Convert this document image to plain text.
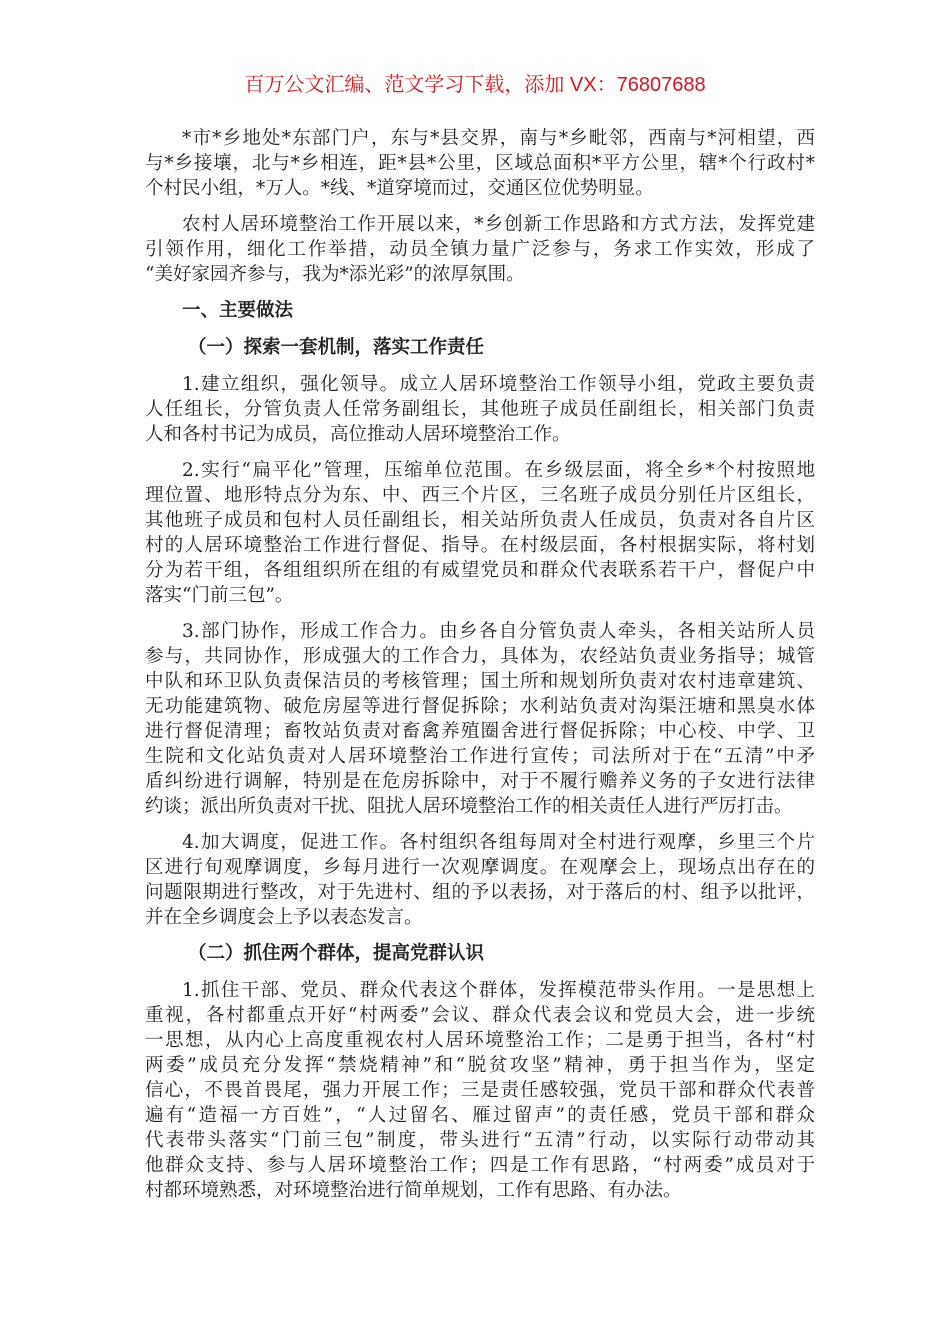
百万公文汇编、范文学习下载，添加 VX：76807688
*市*乡地处*东部门户，东与*县交界，南与*乡毗邻，西南与*河相望，西
与*乡接壤，北与*乡相连，距*县*公里，区域总面积*平方公里，辖*个行政村*
个村民小组，*万人。*线、*道穿境而过，交通区位优势明显。
农村人居环境整治工作开展以来，*乡创新工作思路和方式方法，发挥党建
引领作用，细化工作举措，动员全镇力量广泛参与，务求工作实效，形成了
“美好家园齐参与，我为*添光彩”的浓厚氛围。
一、主要做法
（一）探索一套机制，落实工作责任
1.建立组织，强化领导。成立人居环境整治工作领导小组，党政主要负责
人任组长，分管负责人任常务副组长，其他班子成员任副组长，相关部门负责
人和各村书记为成员，高位推动人居环境整治工作。
2.实行“扁平化”管理，压缩单位范围。在乡级层面，将全乡*个村按照地
理位置、地形特点分为东、中、西三个片区，三名班子成员分别任片区组长，
其他班子成员和包村人员任副组长，相关站所负责人任成员，负责对各自片区
村的人居环境整治工作进行督促、指导。在村级层面，各村根据实际，将村划
分为若干组，各组组织所在组的有威望党员和群众代表联系若干户，督促户中
落实“门前三包”。
3.部门协作，形成工作合力。由乡各自分管负责人牵头，各相关站所人员
参与，共同协作，形成强大的工作合力，具体为，农经站负责业务指导；城管
中队和环卫队负责保洁员的考核管理；国土所和规划所负责对农村违章建筑、
无功能建筑物、破危房屋等进行督促拆除；水利站负责对沟渠汪塘和黑臭水体
进行督促清理；畜牧站负责对畜禽养殖圈舍进行督促拆除；中心校、中学、卫
生院和文化站负责对人居环境整治工作进行宣传；司法所对于在“五清”中矛
盾纠纷进行调解，特别是在危房拆除中，对于不履行赡养义务的子女进行法律
约谈；派出所负责对干扰、阻扰人居环境整治工作的相关责任人进行严厉打击。
4.加大调度，促进工作。各村组织各组每周对全村进行观摩，乡里三个片
区进行旬观摩调度，乡每月进行一次观摩调度。在观摩会上，现场点出存在的
问题限期进行整改，对于先进村、组的予以表扬，对于落后的村、组予以批评，
并在全乡调度会上予以表态发言。
（二）抓住两个群体，提高党群认识
1.抓住干部、党员、群众代表这个群体，发挥模范带头作用。一是思想上
重视，各村都重点开好“村两委”会议、群众代表会议和党员大会，进一步统
一思想，从内心上高度重视农村人居环境整治工作；二是勇于担当，各村“村
两委”成员充分发挥“禁烧精神”和“脱贫攻坚”精神，勇于担当作为，坚定
信心，不畏首畏尾，强力开展工作；三是责任感较强，党员干部和群众代表普
遍有“造福一方百姓”，“人过留名、雁过留声”的责任感，党员干部和群众
代表带头落实“门前三包”制度，带头进行“五清”行动，以实际行动带动其
他群众支持、参与人居环境整治工作；四是工作有思路，“村两委”成员对于
村都环境熟悉，对环境整治进行简单规划，工作有思路、有办法。
